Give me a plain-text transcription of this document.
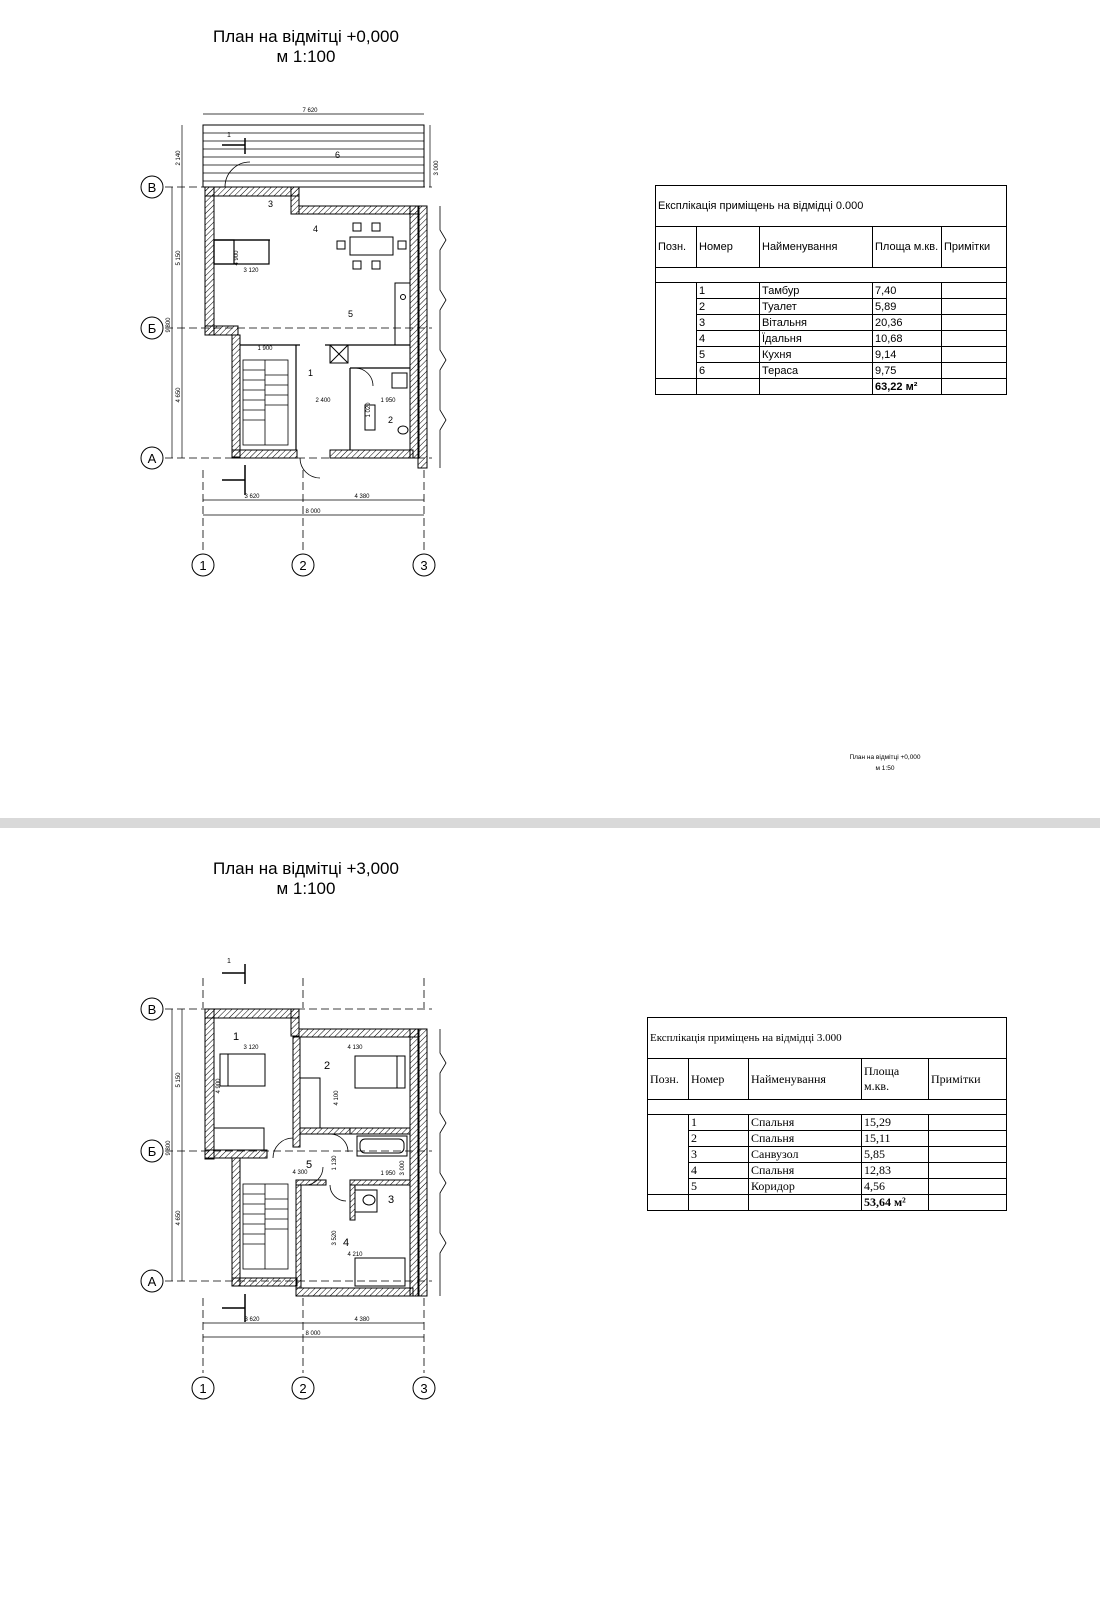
План на відмітці +0,000
м 1:100
1
В
Б
А
1	2	3
7 620
2 140
5 150
9 800
4 650
3 000
3 620	4 380
8 000
4 900
3 120
1 900
2 400	1 950
1 020
1
2
3
4
5
6
Експлікація приміщень на відмідці 0.000				
Позн.	Номер	Найменування	Площа м.кв.	Примітки

	1	Тамбур	7,40	
	2	Туалет	5,89	
	3	Вітальня	20,36	
	4	Їдальня	10,68	
	5	Кухня	9,14	
	6	Тераса	9,75	
			63,22 м²	
План на відмітці +0,000
м 1:50
План на відмітці +3,000
м 1:100
1
В
Б
А
1	2	3
5 150
9 800
4 650
3 620	4 380
8 000
3 120
4 900
4 130
4 100
4 300
1 130
1 950 3 000
3 520
4 210
1
2
3
4
5
Експлікація приміщень на відмідці 3.000				
Позн.	Номер	Найменування	Площа м.кв.	Примітки

	1	Спальня	15,29	
	2	Спальня	15,11	
	3	Санвузол	5,85	
	4	Спальня	12,83	
	5	Коридор	4,56	
			53,64 м²	
